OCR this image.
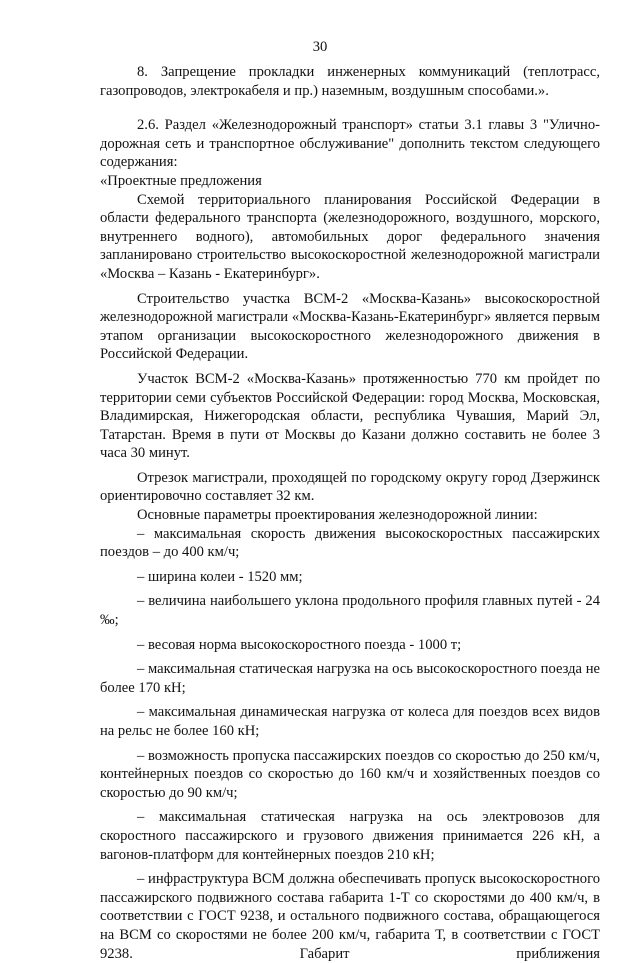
30

8. Запрещение прокладки инженерных коммуникаций (теплотрасс, газопроводов, электрокабеля и пр.) наземным, воздушным способами.».

2.6. Раздел «Железнодорожный транспорт» статьи 3.1 главы 3 "Улично-дорожная сеть и транспортное обслуживание" дополнить текстом следующего содержания:

«Проектные предложения

Схемой территориального планирования Российской Федерации в области федерального транспорта (железнодорожного, воздушного, морского, внутреннего водного), автомобильных дорог федерального значения запланировано строительство высокоскоростной железнодорожной магистрали «Москва – Казань - Екатеринбург».

Строительство участка ВСМ-2 «Москва-Казань» высокоскоростной железнодорожной магистрали «Москва-Казань-Екатеринбург» является первым этапом организации высокоскоростного железнодорожного движения в Российской Федерации.

Участок ВСМ-2 «Москва-Казань» протяженностью 770 км пройдет по территории семи субъектов Российской Федерации: город Москва, Московская, Владимирская, Нижегородская области, республика Чувашия, Марий Эл, Татарстан. Время в пути от Москвы до Казани должно составить не более 3 часа 30 минут.

Отрезок магистрали, проходящей по городскому округу город Дзержинск ориентировочно составляет 32 км.

Основные параметры проектирования железнодорожной линии:

– максимальная скорость движения высокоскоростных пассажирских поездов – до 400 км/ч;

– ширина колеи - 1520 мм;

– величина наибольшего уклона продольного профиля главных путей - 24 ‰;

– весовая норма высокоскоростного поезда - 1000 т;

– максимальная статическая нагрузка на ось высокоскоростного поезда не более 170 кН;

– максимальная динамическая нагрузка от колеса для поездов всех видов на рельс не более 160 кН;

– возможность пропуска пассажирских поездов со скоростью до 250 км/ч, контейнерных поездов со скоростью до 160 км/ч и хозяйственных поездов со скоростью до 90 км/ч;

– максимальная статическая нагрузка на ось электровозов для скоростного пассажирского и грузового движения принимается 226 кН, а вагонов-платформ для контейнерных поездов 210 кН;

– инфраструктура ВСМ должна обеспечивать пропуск высокоскоростного пассажирского подвижного состава габарита 1-Т со скоростями до 400 км/ч, в соответствии с ГОСТ 9238, и остального подвижного состава, обращающегося на ВСМ со скоростями не более 200 км/ч, габарита Т, в соответствии с ГОСТ 9238. Габарит приближения
